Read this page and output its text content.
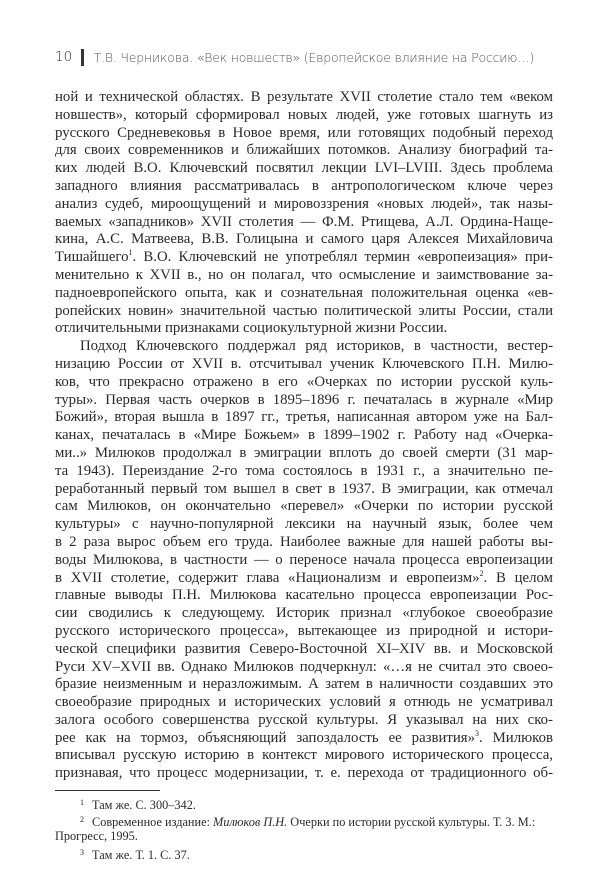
10 Т.В. Черникова. «Век новшеств» (Европейское влияние на Россию…)
ной и технической областях. В результате XVII столетие стало тем «веком
новшеств», который сформировал новых людей, уже готовых шагнуть из
русского Средневековья в Новое время, или готовящих подобный переход
для своих современников и ближайших потомков. Анализу биографий та-
ких людей В.О. Ключевский посвятил лекции LVI–LVIII. Здесь проблема
западного влияния рассматривалась в антропологическом ключе через
анализ судеб, мироощущений и мировоззрения «новых людей», так назы-
ваемых «западников» XVII столетия — Ф.М. Ртищева, А.Л. Ордина-Нащe-
кина, А.С. Матвеева, В.В. Голицына и самого царя Алексея Михайловича
Тишайшего$^1$. В.О. Ключевский не употреблял термин «европеизация» при-
менительно к XVII в., но он полагал, что осмысление и заимствование за-
падноевропейского опыта, как и сознательная положительная оценка «ев-
ропейских новин» значительной частью политической элиты России, стали
отличительными признаками социокультурной жизни России.
Подход Ключевского поддержал ряд историков, в частности, вестер-
низацию России от XVII в. отсчитывал ученик Ключевского П.Н. Милю-
ков, что прекрасно отражено в его «Очерках по истории русской куль-
туры». Первая часть очерков в 1895–1896 г. печаталась в журнале «Мир
Божий», вторая вышла в 1897 гг., третья, написанная автором уже на Бал-
канах, печаталась в «Мире Божьем» в 1899–1902 г. Работу над «Очерка-
ми..» Милюков продолжал в эмиграции вплоть до своей смерти (31 мар-
та 1943). Переиздание 2-го тома состоялось в 1931 г., а значительно пе-
реработанный первый том вышел в свет в 1937. В эмиграции, как отмечал
сам Милюков, он окончательно «перевел» «Очерки по истории русской
культуры» с научно-популярной лексики на научный язык, более чем
в 2 раза вырос объем его труда. Наиболее важные для нашей работы вы-
воды Милюкова, в частности — о переносе начала процесса европеизации
в XVII столетие, содержит глава «Национализм и европеизм»$^2$. В целом
главные выводы П.Н. Милюкова касательно процесса европеизации Рос-
сии сводились к следующему. Историк признал «глубокое своеобразие
русского исторического процесса», вытекающее из природной и истори-
ческой специфики развития Северо-Восточной XI–XIV вв. и Московской
Руси XV–XVII вв. Однако Милюков подчеркнул: «…я не считал это своео-
бразие неизменным и неразложимым. А затем в наличности создавших это
своеобразие природных и исторических условий я отнюдь не усматривал
залога особого совершенства русской культуры. Я указывал на них ско-
рее как на тормоз, объясняющий запоздалость ее развития»$^3$. Милюков
вписывал русскую историю в контекст мирового исторического процесса,
признавая, что процесс модернизации, т. е. перехода от традиционного об-
$^1$ Там же. С. 300–342.
$^2$ Современное издание: Милюков П.Н. Очерки по истории русской культуры. Т. 3. М.:
Прогресс, 1995.
$^3$ Там же. Т. 1. С. 37.
